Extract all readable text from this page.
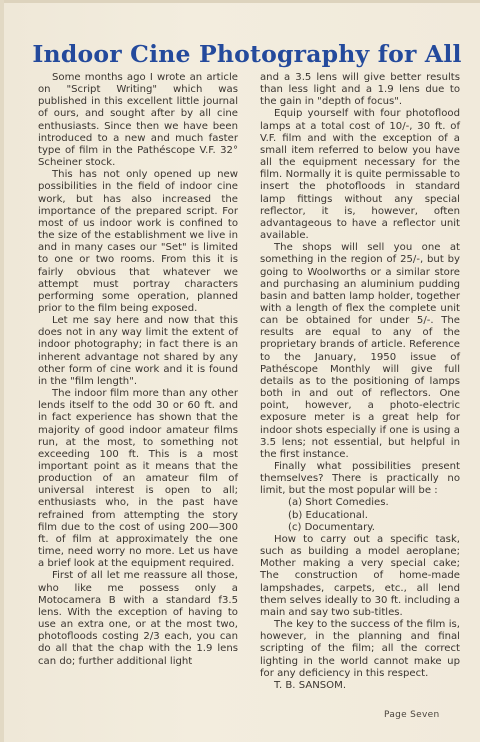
Indoor Cine Photography for All

Some months ago I wrote an article on "Script Writing" which was published in this excellent little journal of ours, and sought after by all cine enthusiasts. Since then we have been introduced to a new and much faster type of film in the Pathéscope V.F. 32° Scheiner stock.

This has not only opened up new possibilities in the field of indoor cine work, but has also increased the importance of the prepared script. For most of us indoor work is confined to the size of the establishment we live in and in many cases our "Set" is limited to one or two rooms. From this it is fairly obvious that whatever we attempt must portray characters performing some operation, planned prior to the film being exposed.

Let me say here and now that this does not in any way limit the extent of indoor photography; in fact there is an inherent advantage not shared by any other form of cine work and it is found in the "film length".

The indoor film more than any other lends itself to the odd 30 or 60 ft. and in fact experience has shown that the majority of good indoor amateur films run, at the most, to something not exceeding 100 ft. This is a most important point as it means that the production of an amateur film of universal interest is open to all; enthusiasts who, in the past have refrained from attempting the story film due to the cost of using 200—300 ft. of film at approximately the one time, need worry no more. Let us have a brief look at the equipment required.

First of all let me reassure all those, who like me possess only a Motocamera B with a standard f3.5 lens. With the exception of having to use an extra one, or at the most two, photofloods costing 2/3 each, you can do all that the chap with the 1.9 lens can do; further additional light

and a 3.5 lens will give better results than less light and a 1.9 lens due to the gain in "depth of focus".

Equip yourself with four photoflood lamps at a total cost of 10/-, 30 ft. of V.F. film and with the exception of a small item referred to below you have all the equipment necessary for the film. Normally it is quite permissable to insert the photofloods in standard lamp fittings without any special reflector, it is, however, often advantageous to have a reflector unit available.

The shops will sell you one at something in the region of 25/-, but by going to Woolworths or a similar store and purchasing an aluminium pudding basin and batten lamp holder, together with a length of flex the complete unit can be obtained for under 5/-. The results are equal to any of the proprietary brands of article. Reference to the January, 1950 issue of Pathéscope Monthly will give full details as to the positioning of lamps both in and out of reflectors. One point, however, a photo-electric exposure meter is a great help for indoor shots especially if one is using a 3.5 lens; not essential, but helpful in the first instance.

Finally what possibilities present themselves? There is practically no limit, but the most popular will be :

(a) Short Comedies.

(b) Educational.

(c) Documentary.

How to carry out a specific task, such as building a model aeroplane; Mother making a very special cake; The construction of home-made lampshades, carpets, etc., all lend them selves ideally to 30 ft. including a main and say two sub-titles.

The key to the success of the film is, however, in the planning and final scripting of the film; all the correct lighting in the world cannot make up for any deficiency in this respect.

T. B. SANSOM.

Page Seven
